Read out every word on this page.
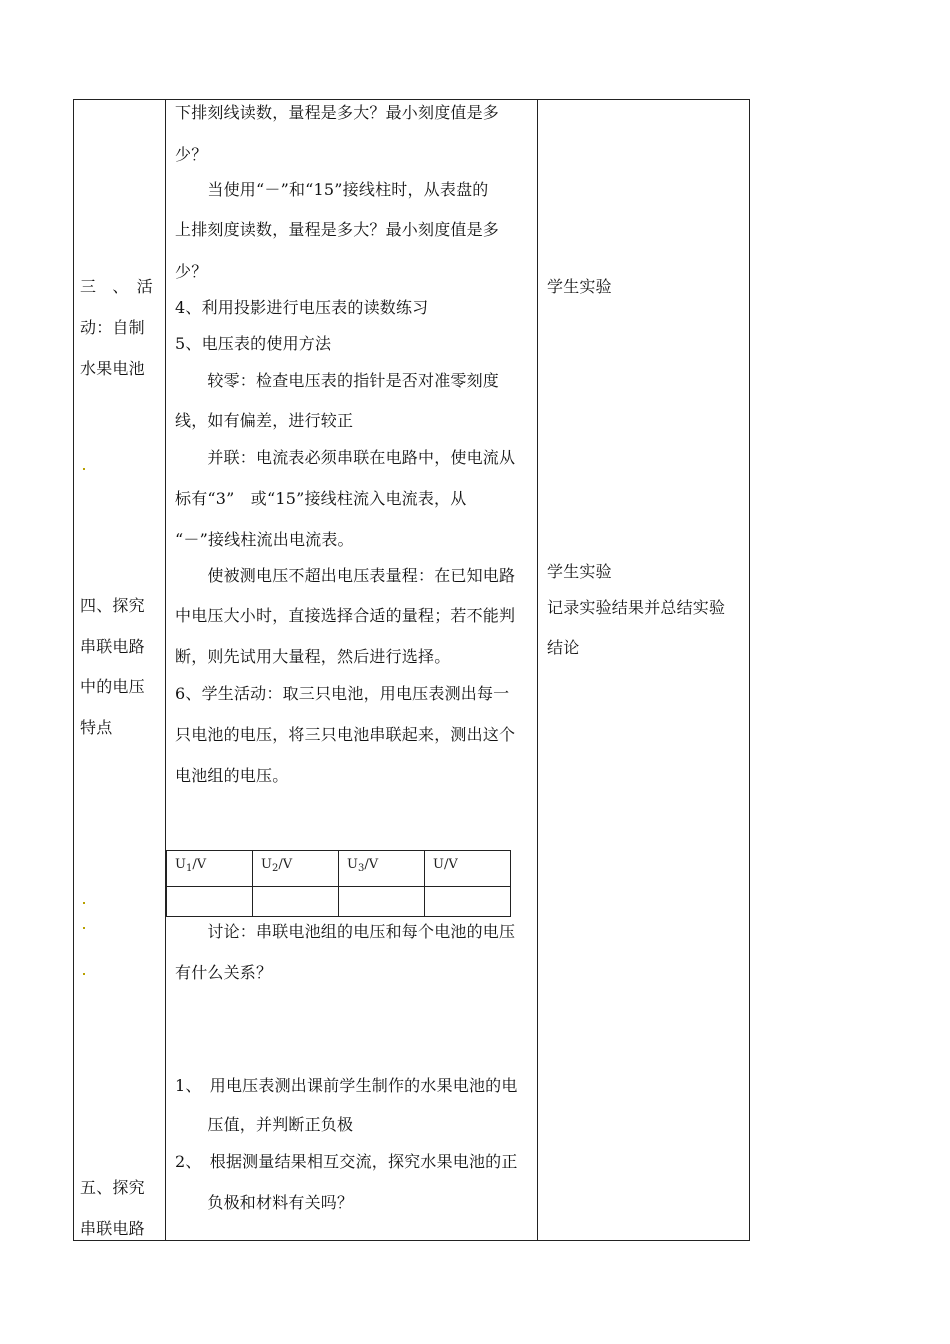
三　、　活
动：自制
水果电池
四、探究
串联电路
中的电压
特点
五、探究
串联电路
下排刻线读数，量程是多大？最小刻度值是多
少？
　　当使用“－”和“15”接线柱时，从表盘的
上排刻度读数，量程是多大？最小刻度值是多
少？
4、利用投影进行电压表的读数练习
5、电压表的使用方法
　　较零：检查电压表的指针是否对准零刻度
线，如有偏差，进行较正
　　并联：电流表必须串联在电路中，使电流从
标有“3”　或“15”接线柱流入电流表，从
“－”接线柱流出电流表。
　　使被测电压不超出电压表量程：在已知电路
中电压大小时，直接选择合适的量程；若不能判
断，则先试用大量程，然后进行选择。
6、学生活动：取三只电池，用电压表测出每一
只电池的电压，将三只电池串联起来，测出这个
电池组的电压。
$U_1/V$	$U_2/V$	$U_3/V$	U/V

　　讨论：串联电池组的电压和每个电池的电压
有什么关系？
1、　用电压表测出课前学生制作的水果电池的电
　　压值，并判断正负极
2、　根据测量结果相互交流，探究水果电池的正
　　负极和材料有关吗？
学生实验
学生实验
记录实验结果并总结实验
结论
